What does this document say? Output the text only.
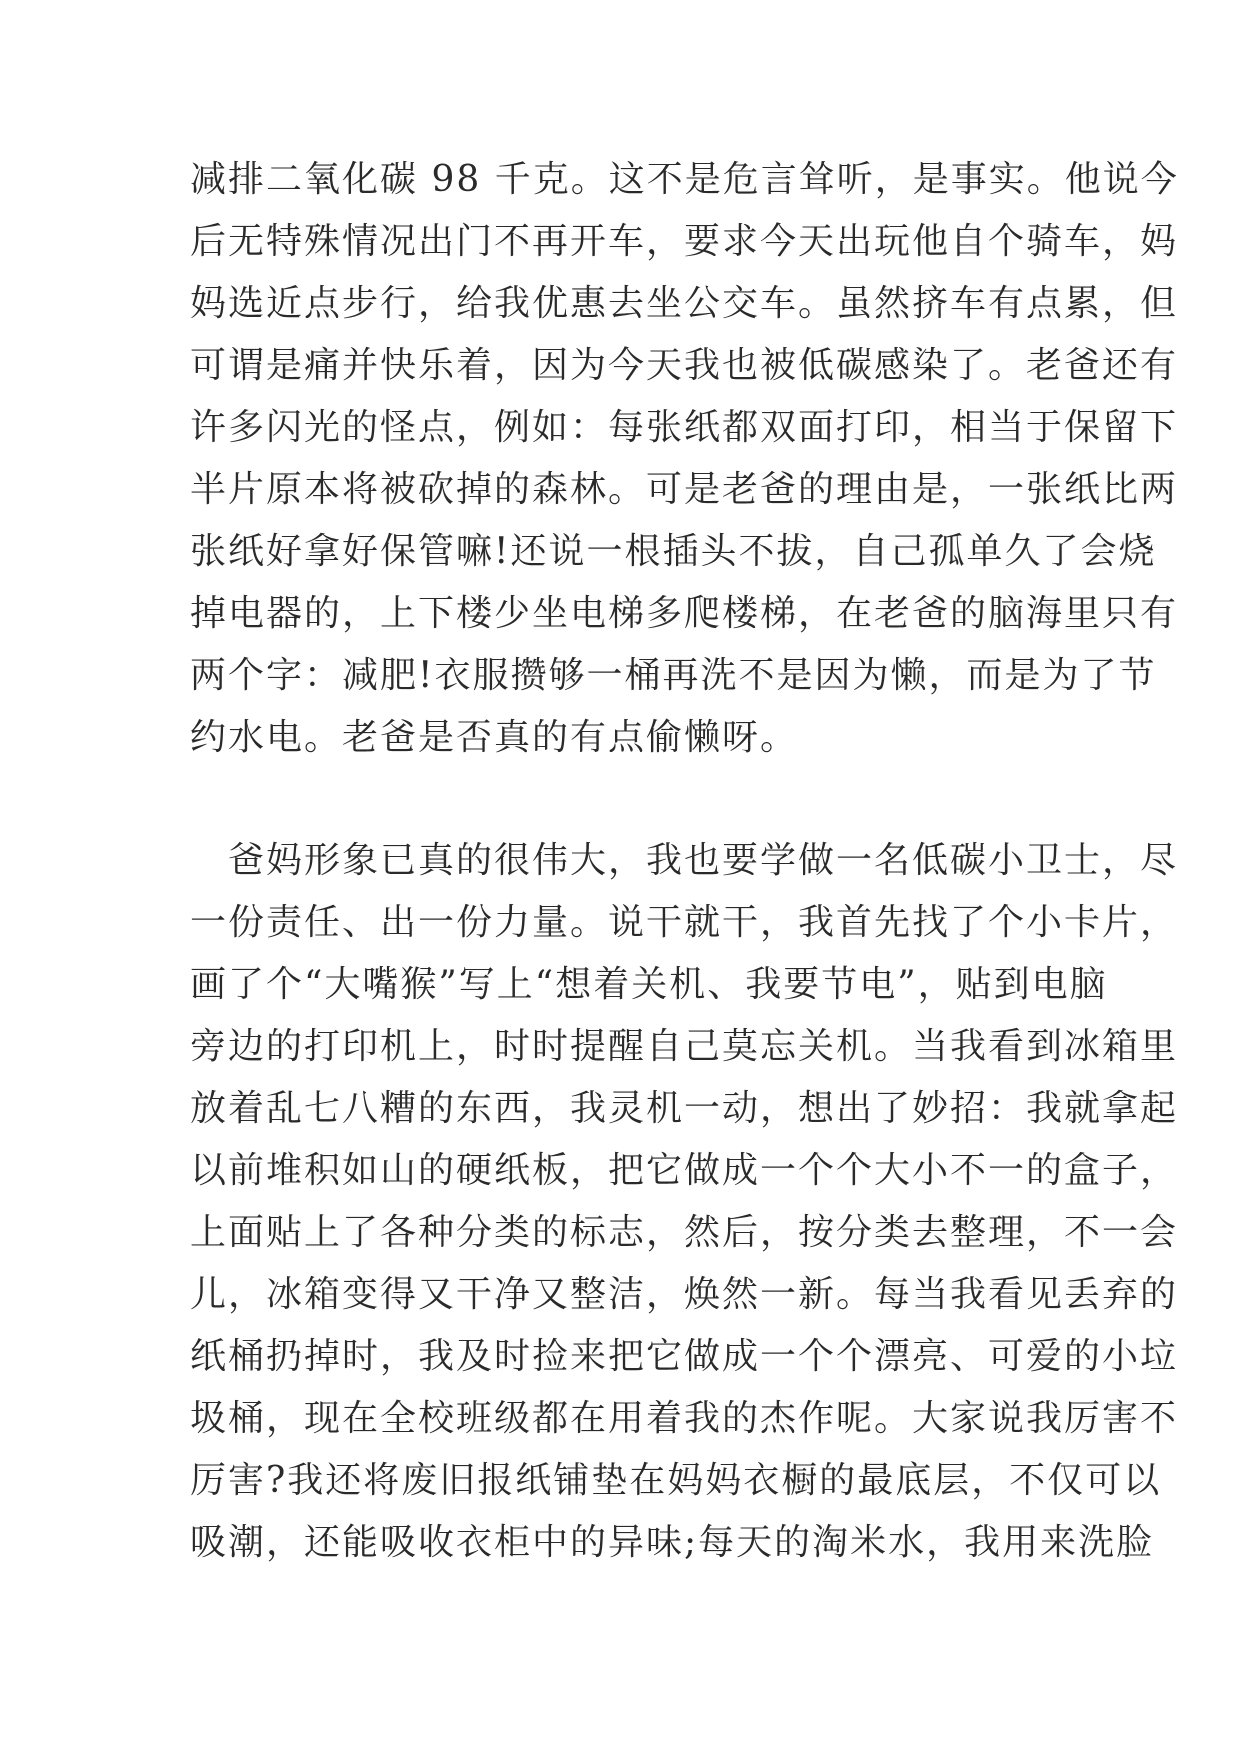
减排二氧化碳 98 千克。这不是危言耸听，是事实。他说今
后无特殊情况出门不再开车，要求今天出玩他自个骑车，妈
妈选近点步行，给我优惠去坐公交车。虽然挤车有点累，但
可谓是痛并快乐着，因为今天我也被低碳感染了。老爸还有
许多闪光的怪点，例如：每张纸都双面打印，相当于保留下
半片原本将被砍掉的森林。可是老爸的理由是，一张纸比两
张纸好拿好保管嘛!还说一根插头不拔，自己孤单久了会烧
掉电器的，上下楼少坐电梯多爬楼梯，在老爸的脑海里只有
两个字：减肥!衣服攒够一桶再洗不是因为懒，而是为了节
约水电。老爸是否真的有点偷懒呀。
爸妈形象已真的很伟大，我也要学做一名低碳小卫士，尽
一份责任、出一份力量。说干就干，我首先找了个小卡片，
画了个“大嘴猴”写上“想着关机、我要节电”，贴到电脑
旁边的打印机上，时时提醒自己莫忘关机。当我看到冰箱里
放着乱七八糟的东西，我灵机一动，想出了妙招：我就拿起
以前堆积如山的硬纸板，把它做成一个个大小不一的盒子，
上面贴上了各种分类的标志，然后，按分类去整理，不一会
儿，冰箱变得又干净又整洁，焕然一新。每当我看见丢弃的
纸桶扔掉时，我及时捡来把它做成一个个漂亮、可爱的小垃
圾桶，现在全校班级都在用着我的杰作呢。大家说我厉害不
厉害?我还将废旧报纸铺垫在妈妈衣橱的最底层，不仅可以
吸潮，还能吸收衣柜中的异味;每天的淘米水，我用来洗脸
